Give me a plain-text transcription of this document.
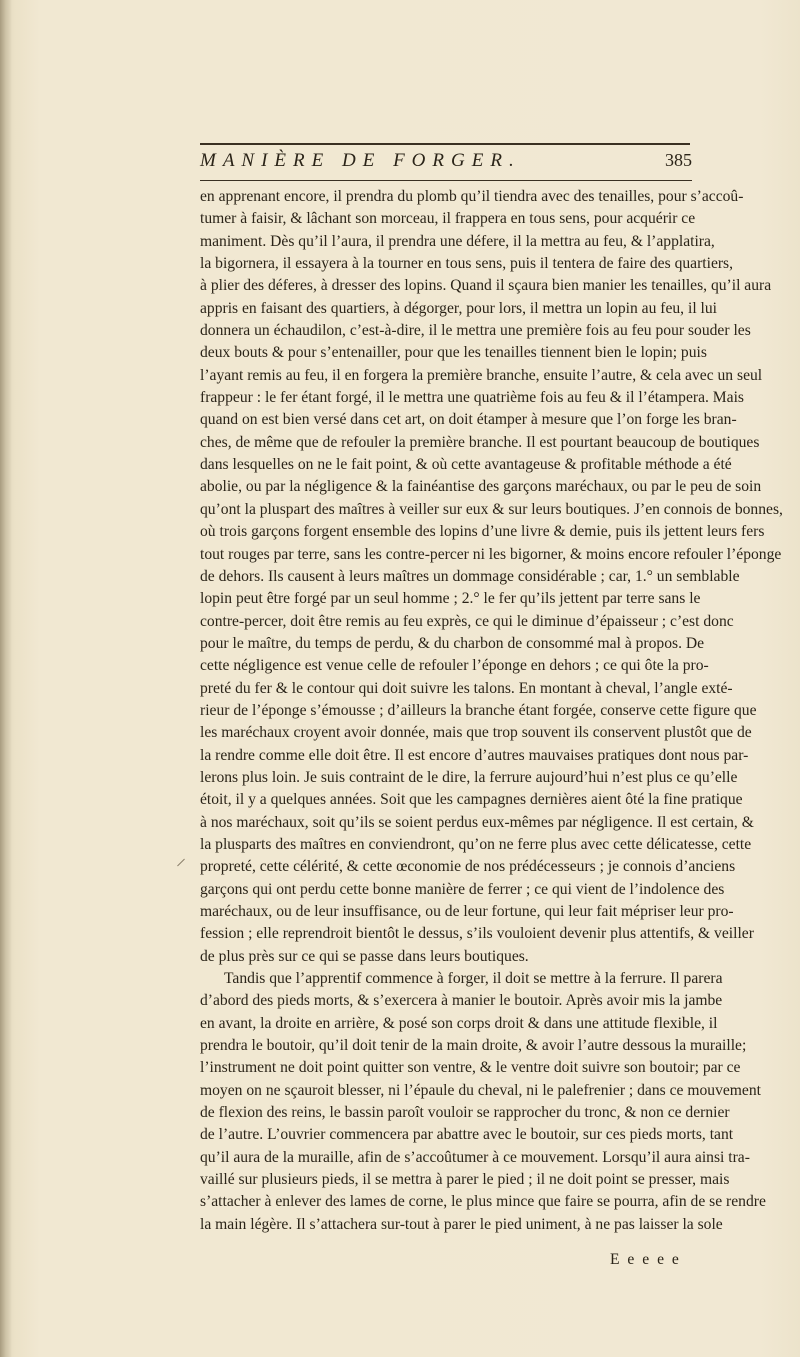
MANIÈRE DE FORGER.	385
en apprenant encore, il prendra du plomb qu’il tiendra avec des tenailles, pour s’accoû-
tumer à faisir, & lâchant son morceau, il frappera en tous sens, pour acquérir ce
maniment. Dès qu’il l’aura, il prendra une défere, il la mettra au feu, & l’applatira,
la bigornera, il essayera à la tourner en tous sens, puis il tentera de faire des quartiers,
à plier des déferes, à dresser des lopins. Quand il sçaura bien manier les tenailles, qu’il aura
appris en faisant des quartiers, à dégorger, pour lors, il mettra un lopin au feu, il lui
donnera un échaudilon, c’est-à-dire, il le mettra une première fois au feu pour souder les
deux bouts & pour s’entenailler, pour que les tenailles tiennent bien le lopin; puis
l’ayant remis au feu, il en forgera la première branche, ensuite l’autre, & cela avec un seul
frappeur : le fer étant forgé, il le mettra une quatrième fois au feu & il l’étampera. Mais
quand on est bien versé dans cet art, on doit étamper à mesure que l’on forge les bran-
ches, de même que de refouler la première branche. Il est pourtant beaucoup de boutiques
dans lesquelles on ne le fait point, & où cette avantageuse & profitable méthode a été
abolie, ou par la négligence & la fainéantise des garçons maréchaux, ou par le peu de soin
qu’ont la pluspart des maîtres à veiller sur eux & sur leurs boutiques. J’en connois de bonnes,
où trois garçons forgent ensemble des lopins d’une livre & demie, puis ils jettent leurs fers
tout rouges par terre, sans les contre-percer ni les bigorner, & moins encore refouler l’éponge
de dehors. Ils causent à leurs maîtres un dommage considérable ; car, 1.° un semblable
lopin peut être forgé par un seul homme ; 2.° le fer qu’ils jettent par terre sans le
contre-percer, doit être remis au feu exprès, ce qui le diminue d’épaisseur ; c’est donc
pour le maître, du temps de perdu, & du charbon de consommé mal à propos. De
cette négligence est venue celle de refouler l’éponge en dehors ; ce qui ôte la pro-
preté du fer & le contour qui doit suivre les talons. En montant à cheval, l’angle exté-
rieur de l’éponge s’émousse ; d’ailleurs la branche étant forgée, conserve cette figure que
les maréchaux croyent avoir donnée, mais que trop souvent ils conservent plustôt que de
la rendre comme elle doit être. Il est encore d’autres mauvaises pratiques dont nous par-
lerons plus loin. Je suis contraint de le dire, la ferrure aujourd’hui n’est plus ce qu’elle
étoit, il y a quelques années. Soit que les campagnes dernières aient ôté la fine pratique
à nos maréchaux, soit qu’ils se soient perdus eux-mêmes par négligence. Il est certain, &
la plusparts des maîtres en conviendront, qu’on ne ferre plus avec cette délicatesse, cette
propreté, cette célérité, & cette œconomie de nos prédécesseurs ; je connois d’anciens
garçons qui ont perdu cette bonne manière de ferrer ; ce qui vient de l’indolence des
maréchaux, ou de leur insuffisance, ou de leur fortune, qui leur fait mépriser leur pro-
fession ; elle reprendroit bientôt le dessus, s’ils vouloient devenir plus attentifs, & veiller
de plus près sur ce qui se passe dans leurs boutiques.
Tandis que l’apprentif commence à forger, il doit se mettre à la ferrure. Il parera
d’abord des pieds morts, & s’exercera à manier le boutoir. Après avoir mis la jambe
en avant, la droite en arrière, & posé son corps droit & dans une attitude flexible, il
prendra le boutoir, qu’il doit tenir de la main droite, & avoir l’autre dessous la muraille;
l’instrument ne doit point quitter son ventre, & le ventre doit suivre son boutoir; par ce
moyen on ne sçauroit blesser, ni l’épaule du cheval, ni le palefrenier ; dans ce mouvement
de flexion des reins, le bassin paroît vouloir se rapprocher du tronc, & non ce dernier
de l’autre. L’ouvrier commencera par abattre avec le boutoir, sur ces pieds morts, tant
qu’il aura de la muraille, afin de s’accoûtumer à ce mouvement. Lorsqu’il aura ainsi tra-
vaillé sur plusieurs pieds, il se mettra à parer le pied ; il ne doit point se presser, mais
s’attacher à enlever des lames de corne, le plus mince que faire se pourra, afin de se rendre
la main légère. Il s’attachera sur-tout à parer le pied uniment, à ne pas laisser la sole
E e e e e
